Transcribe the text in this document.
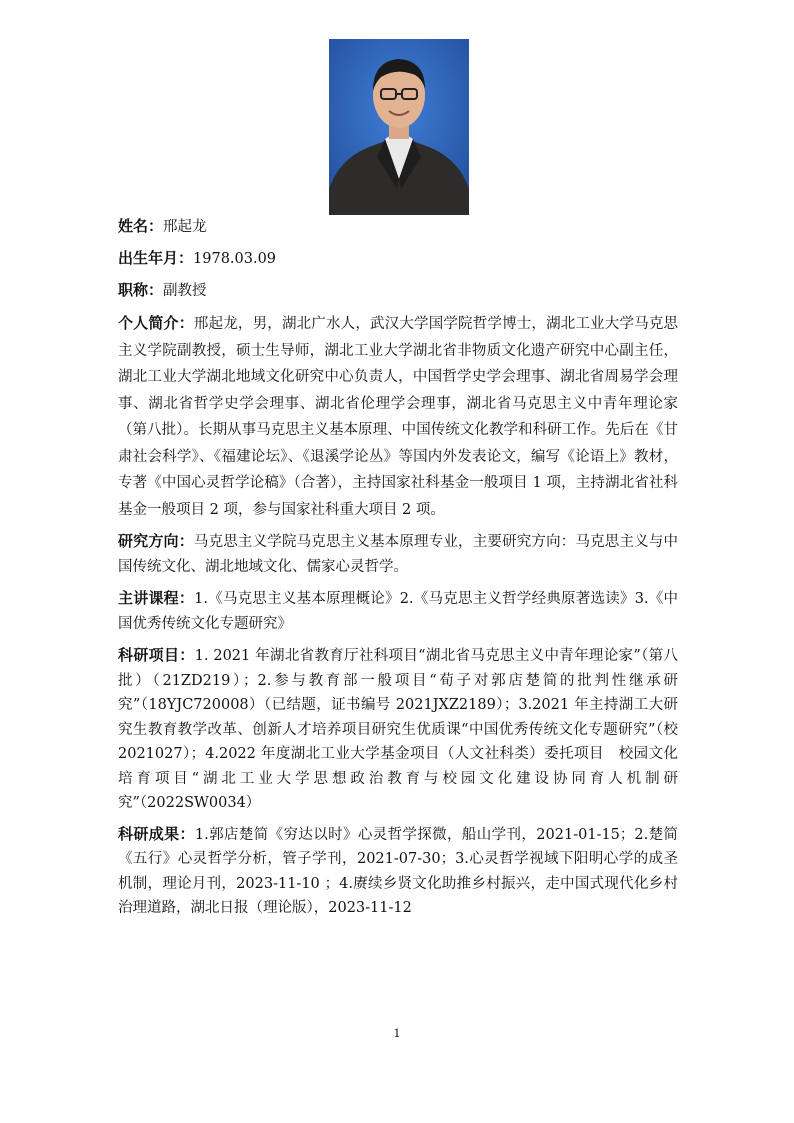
姓名：邢起龙

出生年月：1978.03.09

职称：副教授

个人简介：邢起龙，男，湖北广水人，武汉大学国学院哲学博士，湖北工业大学马克思主义学院副教授，硕士生导师，湖北工业大学湖北省非物质文化遗产研究中心副主任，湖北工业大学湖北地域文化研究中心负责人，中国哲学史学会理事、湖北省周易学会理事、湖北省哲学史学会理事、湖北省伦理学会理事，湖北省马克思主义中青年理论家（第八批）。长期从事马克思主义基本原理、中国传统文化教学和科研工作。先后在《甘肃社会科学》、《福建论坛》、《退溪学论丛》等国内外发表论文，编写《论语上》教材，专著《中国心灵哲学论稿》（合著），主持国家社科基金一般项目 1 项，主持湖北省社科基金一般项目 2 项，参与国家社科重大项目 2 项。

研究方向：马克思主义学院马克思主义基本原理专业，主要研究方向：马克思主义与中国传统文化、湖北地域文化、儒家心灵哲学。

主讲课程：1.《马克思主义基本原理概论》2.《马克思主义哲学经典原著选读》3.《中国优秀传统文化专题研究》

科研项目：1. 2021 年湖北省教育厅社科项目“湖北省马克思主义中青年理论家”（第八批）（21ZD219）；2.参与教育部一般项目“荀子对郭店楚简的批判性继承研究”（18YJC720008）（已结题，证书编号 2021JXZ2189）；3.2021 年主持湖工大研究生教育教学改革、创新人才培养项目研究生优质课“中国优秀传统文化专题研究”（校 2021027）；4.2022 年度湖北工业大学基金项目（人文社科类）委托项目　校园文化培育项目“湖北工业大学思想政治教育与校园文化建设协同育人机制研究”（2022SW0034）

科研成果：1.郭店楚简《穷达以时》心灵哲学探微，船山学刊，2021-01-15；2.楚简《五行》心灵哲学分析，管子学刊，2021-07-30；3.心灵哲学视域下阳明心学的成圣机制，理论月刊，2023-11-10 ；4.赓续乡贤文化助推乡村振兴，走中国式现代化乡村治理道路，湖北日报（理论版），2023-11-12

1
